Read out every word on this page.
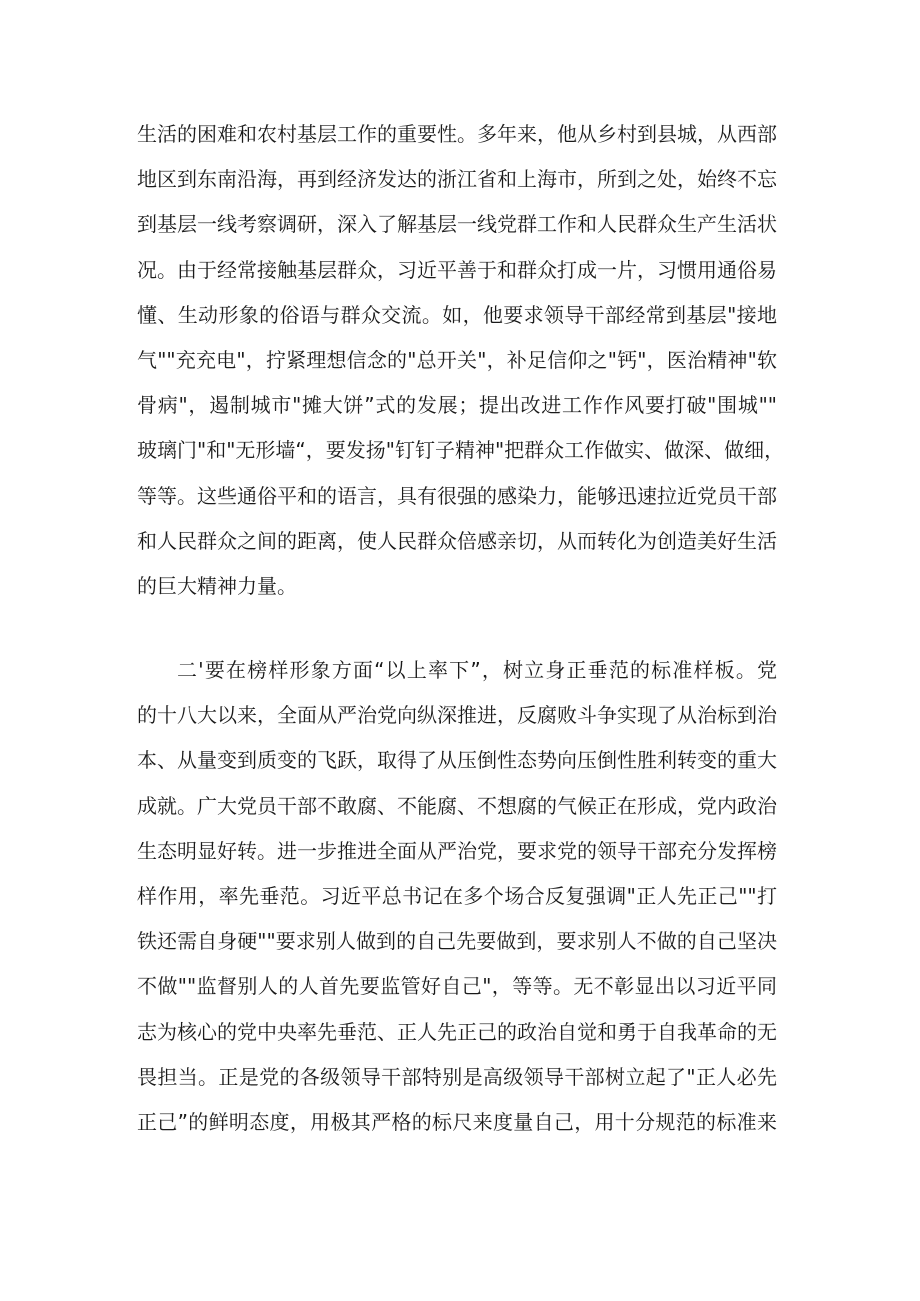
生活的困难和农村基层工作的重要性。多年来，他从乡村到县城，从西部
地区到东南沿海，再到经济发达的浙江省和上海市，所到之处，始终不忘
到基层一线考察调研，深入了解基层一线党群工作和人民群众生产生活状
况。由于经常接触基层群众，习近平善于和群众打成一片，习惯用通俗易
懂、生动形象的俗语与群众交流。如，他要求领导干部经常到基层"接地
气""充充电"，拧紧理想信念的"总开关"，补足信仰之"钙"，医治精神"软
骨病"，遏制城市"摊大饼”式的发展；提出改进工作作风要打破"围城""
玻璃门"和"无形墙“，要发扬"钉钉子精神"把群众工作做实、做深、做细，
等等。这些通俗平和的语言，具有很强的感染力，能够迅速拉近党员干部
和人民群众之间的距离，使人民群众倍感亲切，从而转化为创造美好生活
的巨大精神力量。
二'要在榜样形象方面“以上率下”，树立身正垂范的标准样板。党
的十八大以来，全面从严治党向纵深推进，反腐败斗争实现了从治标到治
本、从量变到质变的飞跃，取得了从压倒性态势向压倒性胜利转变的重大
成就。广大党员干部不敢腐、不能腐、不想腐的气候正在形成，党内政治
生态明显好转。进一步推进全面从严治党，要求党的领导干部充分发挥榜
样作用，率先垂范。习近平总书记在多个场合反复强调"正人先正己""打
铁还需自身硬""要求别人做到的自己先要做到，要求别人不做的自己坚决
不做""监督别人的人首先要监管好自己"，等等。无不彰显出以习近平同
志为核心的党中央率先垂范、正人先正己的政治自觉和勇于自我革命的无
畏担当。正是党的各级领导干部特别是高级领导干部树立起了"正人必先
正己”的鲜明态度，用极其严格的标尺来度量自己，用十分规范的标准来
